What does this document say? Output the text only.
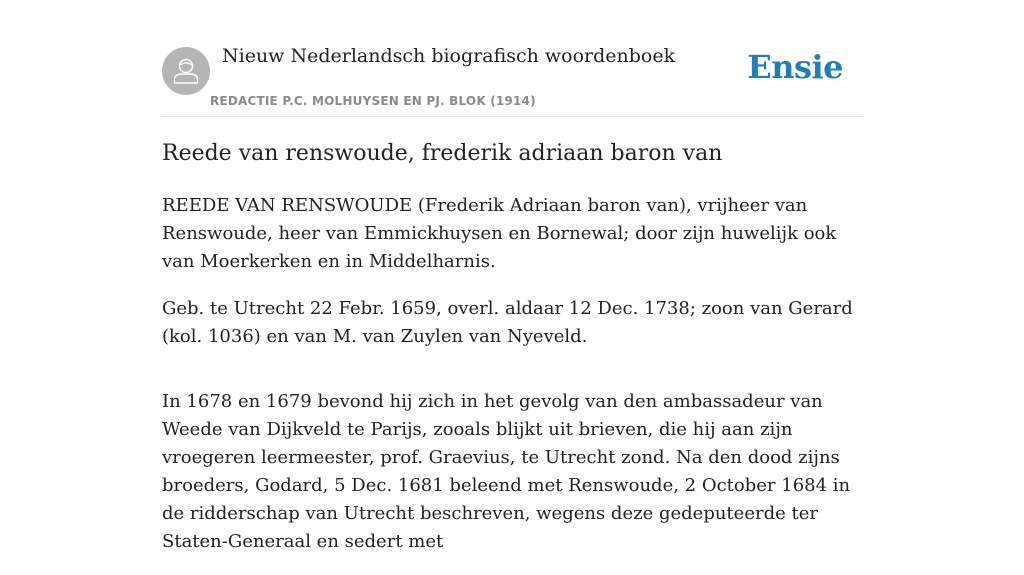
Nieuw Nederlandsch biografisch woordenboek
REDACTIE P.C. MOLHUYSEN EN PJ. BLOK (1914)
Ensie
Reede van renswoude, frederik adriaan baron van

REEDE VAN RENSWOUDE (Frederik Adriaan baron van), vrijheer van Renswoude, heer van Emmickhuysen en Bornewal; door zijn huwelijk ook van Moerkerken en in Middelharnis.

Geb. te Utrecht 22 Febr. 1659, overl. aldaar 12 Dec. 1738; zoon van Gerard (kol. 1036) en van M. van Zuylen van Nyeveld.

In 1678 en 1679 bevond hij zich in het gevolg van den ambassadeur van Weede van Dijkveld te Parijs, zooals blijkt uit brieven, die hij aan zijn vroegeren leermeester, prof. Graevius, te Utrecht zond. Na den dood zijns broeders, Godard, 5 Dec. 1681 beleend met Renswoude, 2 October 1684 in de ridderschap van Utrecht beschreven, wegens deze gedeputeerde ter Staten-Generaal en sedert met
